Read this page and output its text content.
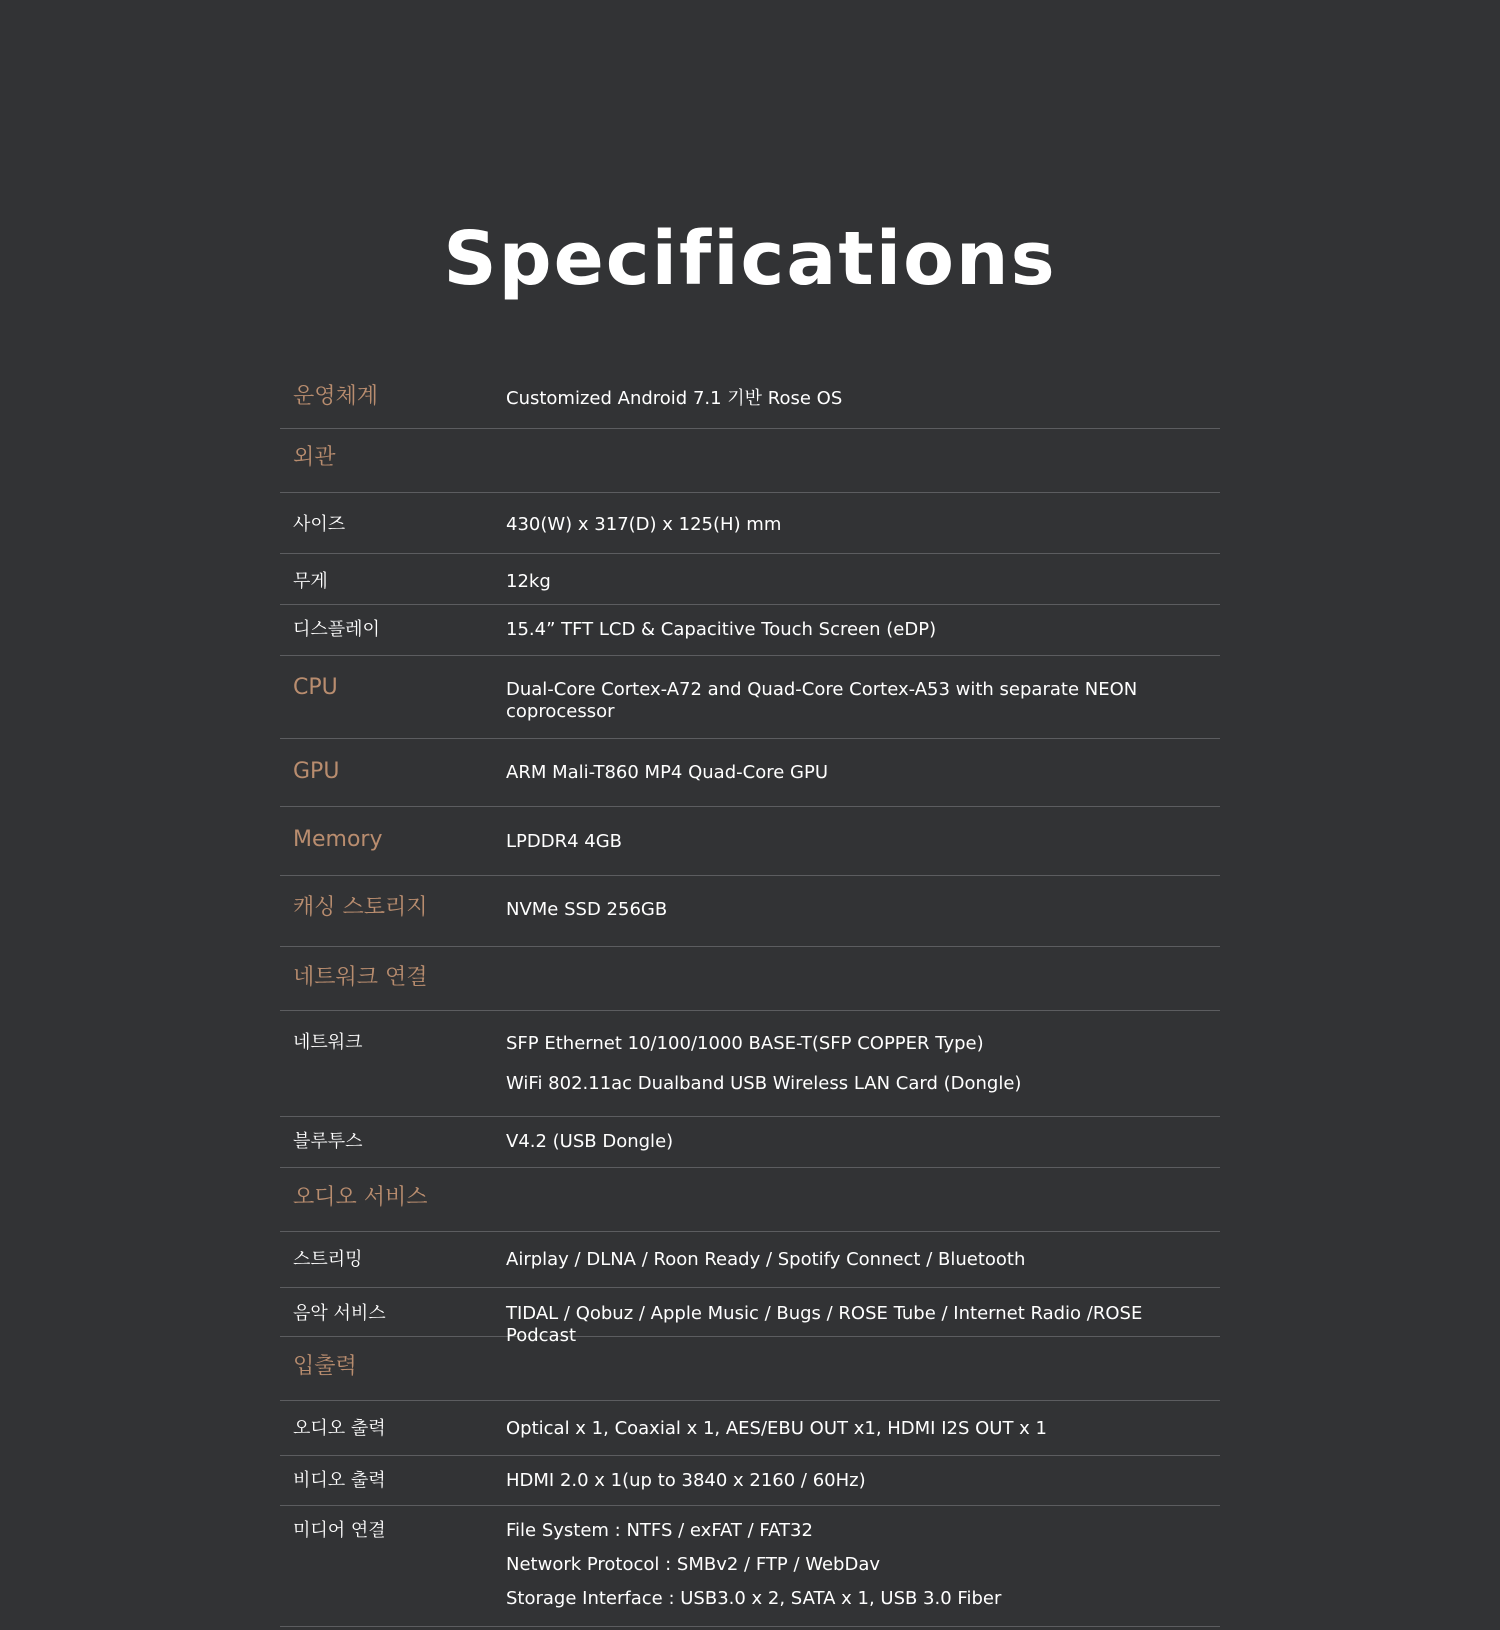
Specifications
운영체계	Customized Android 7.1 기반 Rose OS
외관
사이즈	430(W) x 317(D) x 125(H) mm
무게	12kg
디스플레이	15.4” TFT LCD & Capacitive Touch Screen (eDP)
CPU	Dual-Core Cortex-A72 and Quad-Core Cortex-A53 with separate NEON
coprocessor
GPU	ARM Mali-T860 MP4 Quad-Core GPU
Memory	LPDDR4 4GB
캐싱 스토리지	NVMe SSD 256GB
네트워크 연결
네트워크	SFP Ethernet 10/100/1000 BASE-T(SFP COPPER Type)
WiFi 802.11ac Dualband USB Wireless LAN Card (Dongle)
블루투스	V4.2 (USB Dongle)
오디오 서비스
스트리밍	Airplay / DLNA / Roon Ready / Spotify Connect / Bluetooth
음악 서비스	TIDAL / Qobuz / Apple Music / Bugs / ROSE Tube / Internet Radio /ROSE Podcast
입출력
오디오 출력	Optical x 1, Coaxial x 1, AES/EBU OUT x1, HDMI I2S OUT x 1
비디오 출력	HDMI 2.0 x 1(up to 3840 x 2160 / 60Hz)
미디어 연결	File System : NTFS / exFAT / FAT32
Network Protocol : SMBv2 / FTP / WebDav
Storage Interface : USB3.0 x 2, SATA x 1, USB 3.0 Fiber
